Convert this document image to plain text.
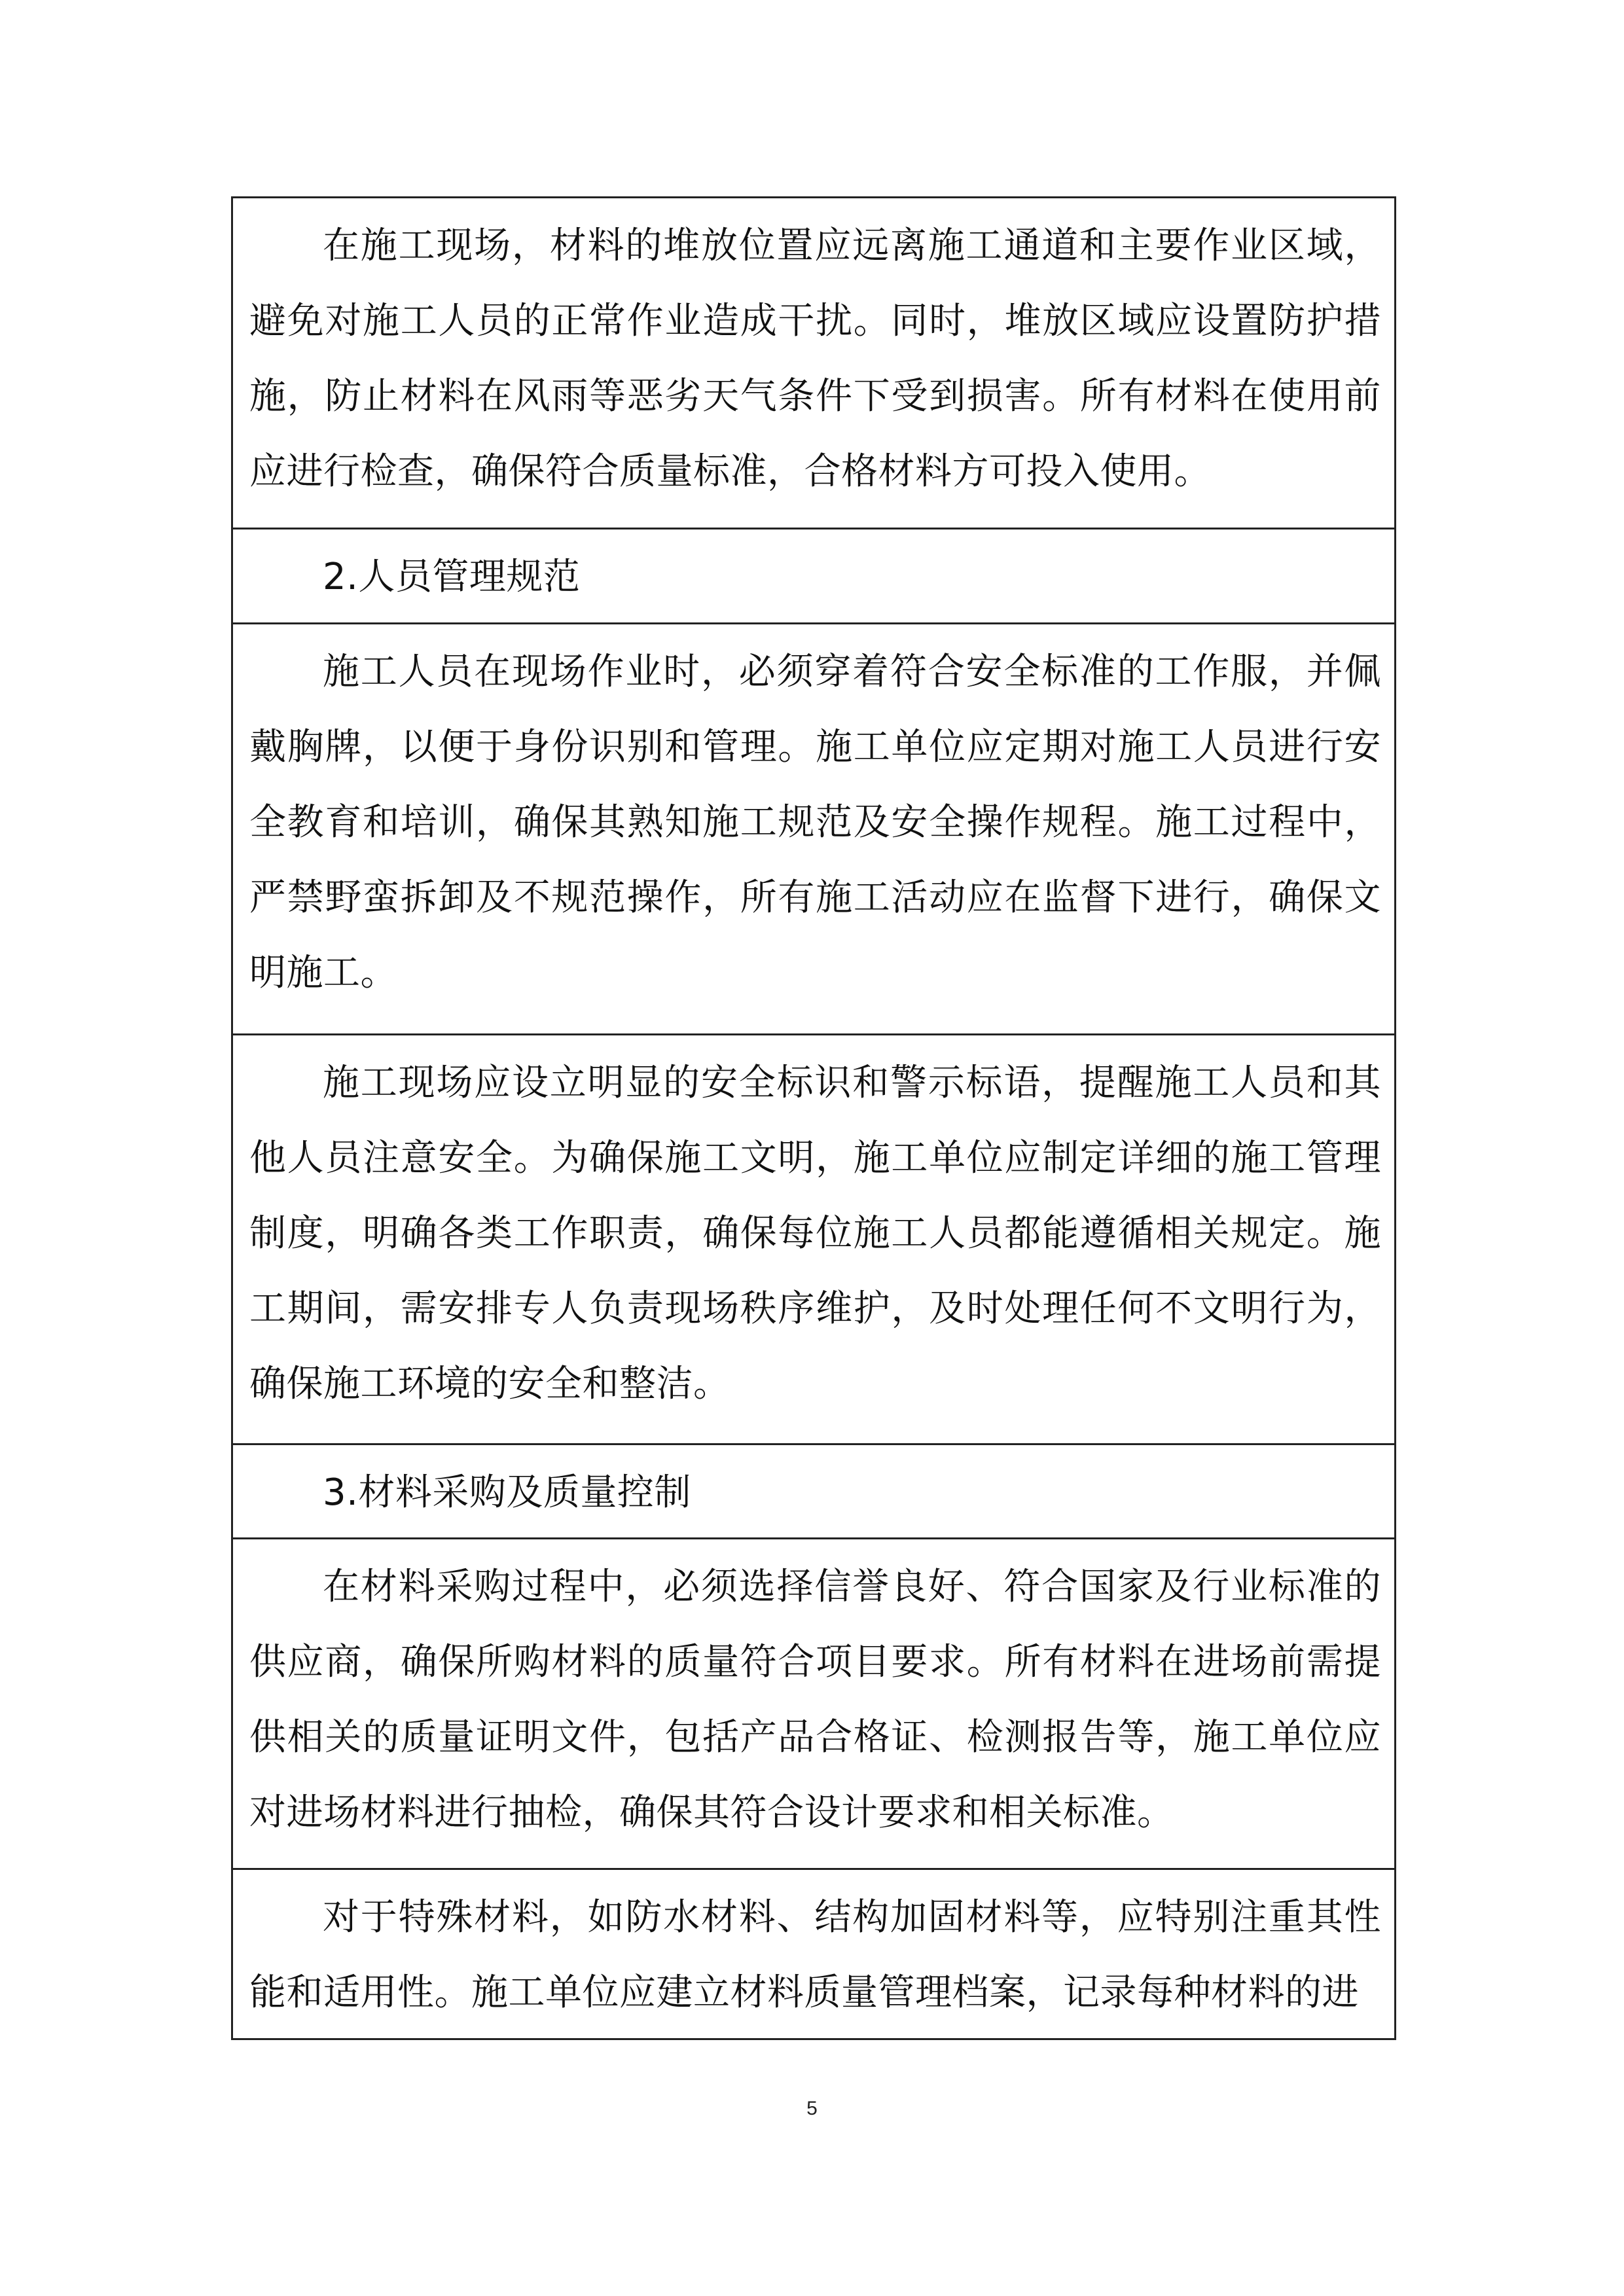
在施工现场，材料的堆放位置应远离施工通道和主要作业区域，避免对施工人员的正常作业造成干扰。同时，堆放区域应设置防护措施，防止材料在风雨等恶劣天气条件下受到损害。所有材料在使用前应进行检查，确保符合质量标准，合格材料方可投入使用。

2.人员管理规范

施工人员在现场作业时，必须穿着符合安全标准的工作服，并佩戴胸牌，以便于身份识别和管理。施工单位应定期对施工人员进行安全教育和培训，确保其熟知施工规范及安全操作规程。施工过程中，严禁野蛮拆卸及不规范操作，所有施工活动应在监督下进行，确保文明施工。

施工现场应设立明显的安全标识和警示标语，提醒施工人员和其他人员注意安全。为确保施工文明，施工单位应制定详细的施工管理制度，明确各类工作职责，确保每位施工人员都能遵循相关规定。施工期间，需安排专人负责现场秩序维护，及时处理任何不文明行为，确保施工环境的安全和整洁。

3.材料采购及质量控制

在材料采购过程中，必须选择信誉良好、符合国家及行业标准的供应商，确保所购材料的质量符合项目要求。所有材料在进场前需提供相关的质量证明文件，包括产品合格证、检测报告等，施工单位应对进场材料进行抽检，确保其符合设计要求和相关标准。

对于特殊材料，如防水材料、结构加固材料等，应特别注重其性能和适用性。施工单位应建立材料质量管理档案，记录每种材料的进

5
